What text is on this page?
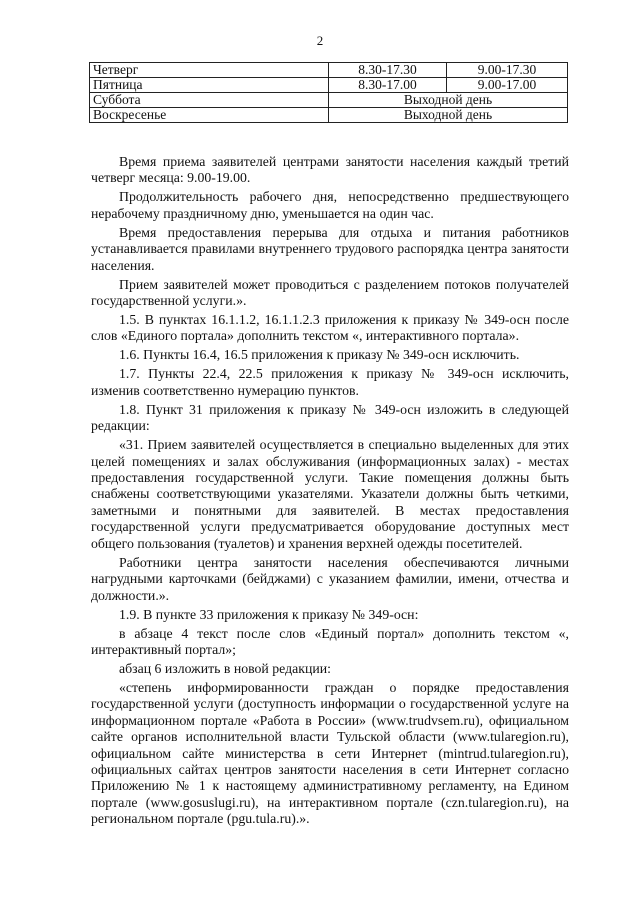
2
Четверг	8.30-17.30	9.00-17.30
Пятница	8.30-17.00	9.00-17.00
Суббота	Выходной день	
Воскресенье	Выходной день	

Время приема заявителей центрами занятости населения каждый третий четверг месяца: 9.00-19.00.

Продолжительность рабочего дня, непосредственно предшествующего нерабочему праздничному дню, уменьшается на один час.

Время предоставления перерыва для отдыха и питания работников устанавливается правилами внутреннего трудового распорядка центра занятости населения.

Прием заявителей может проводиться с разделением потоков получателей государственной услуги.».

1.5. В пунктах 16.1.1.2, 16.1.1.2.3 приложения к приказу № 349-осн после слов «Единого портала» дополнить текстом «, интерактивного портала».

1.6. Пункты 16.4, 16.5 приложения к приказу № 349-осн исключить.

1.7. Пункты 22.4, 22.5 приложения к приказу № 349-осн исключить, изменив соответственно нумерацию пунктов.

1.8. Пункт 31 приложения к приказу № 349-осн изложить в следующей редакции:

«31. Прием заявителей осуществляется в специально выделенных для этих целей помещениях и залах обслуживания (информационных залах) - местах предоставления государственной услуги. Такие помещения должны быть снабжены соответствующими указателями. Указатели должны быть четкими, заметными и понятными для заявителей. В местах предоставления государственной услуги предусматривается оборудование доступных мест общего пользования (туалетов) и хранения верхней одежды посетителей.

Работники центра занятости населения обеспечиваются личными нагрудными карточками (бейджами) с указанием фамилии, имени, отчества и должности.».

1.9. В пункте 33 приложения к приказу № 349-осн:

в абзаце 4 текст после слов «Единый портал» дополнить текстом «, интерактивный портал»;

абзац 6 изложить в новой редакции:

«степень информированности граждан о порядке предоставления государственной услуги (доступность информации о государственной услуге на информационном портале «Работа в России» (www.trudvsem.ru), официальном сайте органов исполнительной власти Тульской области (www.tularegion.ru), официальном сайте министерства в сети Интернет (mintrud.tularegion.ru), официальных сайтах центров занятости населения в сети Интернет согласно Приложению № 1 к настоящему административному регламенту, на Едином портале (www.gosuslugi.ru), на интерактивном портале (czn.tularegion.ru), на региональном портале (pgu.tula.ru).».
